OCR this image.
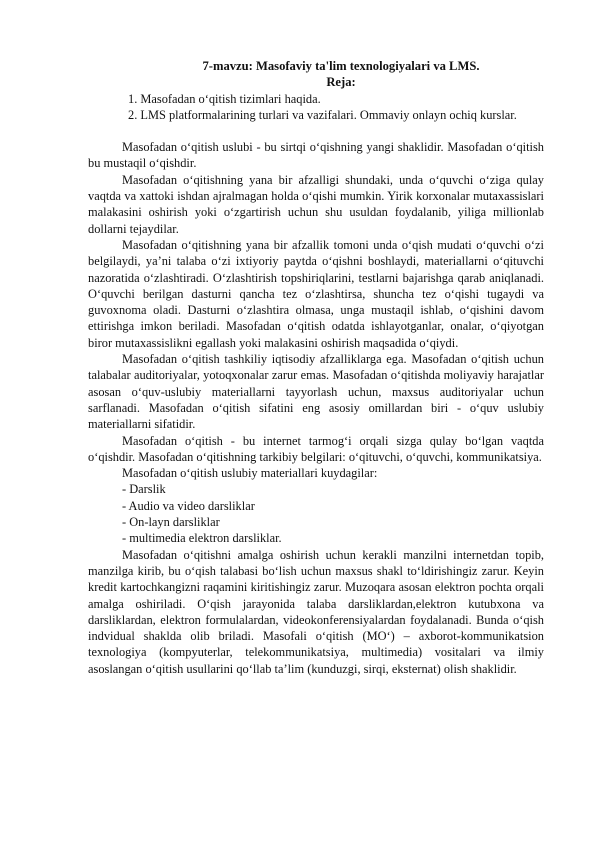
7-mavzu: Masofaviy ta'lim texnologiyalari va LMS.
Reja:
1. Masofadan o‘qitish tizimlari haqida.
2. LMS platformalarining turlari va vazifalari. Ommaviy onlayn ochiq kurslar.

Masofadan o‘qitish uslubi - bu sirtqi o‘qishning yangi shaklidir. Masofadan o‘qitish bu mustaqil o‘qishdir.

Masofadan o‘qitishning yana bir afzalligi shundaki, unda o‘quvchi o‘ziga qulay vaqtda va xattoki ishdan ajralmagan holda o‘qishi mumkin. Yirik korxonalar mutaxassislari malakasini oshirish yoki o‘zgartirish uchun shu usuldan foydalanib, yiliga millionlab dollarni tejaydilar.

Masofadan o‘qitishning yana bir afzallik tomoni unda o‘qish mudati o‘quvchi o‘zi belgilaydi, ya’ni talaba o‘zi ixtiyoriy paytda o‘qishni boshlaydi, materiallarni o‘qituvchi nazoratida o‘zlashtiradi. O‘zlashtirish topshiriqlarini, testlarni bajarishga qarab aniqlanadi. O‘quvchi berilgan dasturni qancha tez o‘zlashtirsa, shuncha tez o‘qishi tugaydi va guvoxnoma oladi. Dasturni o‘zlashtira olmasa, unga mustaqil ishlab, o‘qishini davom ettirishga imkon beriladi. Masofadan o‘qitish odatda ishlayotganlar, onalar, o‘qiyotgan biror mutaxassislikni egallash yoki malakasini oshirish maqsadida o‘qiydi.

Masofadan o‘qitish tashkiliy iqtisodiy afzalliklarga ega. Masofadan o‘qitish uchun talabalar auditoriyalar, yotoqxonalar zarur emas. Masofadan o‘qitishda moliyaviy harajatlar asosan o‘quv-uslubiy materiallarni tayyorlash uchun, maxsus auditoriyalar uchun sarflanadi. Masofadan o‘qitish sifatini eng asosiy omillardan biri - o‘quv uslubiy materiallarni sifatidir.

Masofadan o‘qitish - bu internet tarmog‘i orqali sizga qulay bo‘lgan vaqtda o‘qishdir. Masofadan o‘qitishning tarkibiy belgilari: o‘qituvchi, o‘quvchi, kommunikatsiya.

Masofadan o‘qitish uslubiy materiallari kuydagilar:

- Darslik
- Audio va video darsliklar
- On-layn darsliklar
- multimedia elektron darsliklar.

Masofadan o‘qitishni amalga oshirish uchun kerakli manzilni internetdan topib, manzilga kirib, bu o‘qish talabasi bo‘lish uchun maxsus shakl to‘ldirishingiz zarur. Keyin kredit kartochkangizni raqamini kiritishingiz zarur. Muzoqara asosan elektron pochta orqali amalga oshiriladi. O‘qish jarayonida talaba darsliklardan,elektron kutubxona va darsliklardan, elektron formulalardan, videokonferensiyalardan foydalanadi. Bunda o‘qish indvidual shaklda olib briladi. Masofali o‘qitish (MO‘) – axborot-kommunikatsion texnologiya (kompyuterlar, telekommunikatsiya, multimedia) vositalari va ilmiy asoslangan o‘qitish usullarini qo‘llab ta’lim (kunduzgi, sirqi, eksternat) olish shaklidir.
